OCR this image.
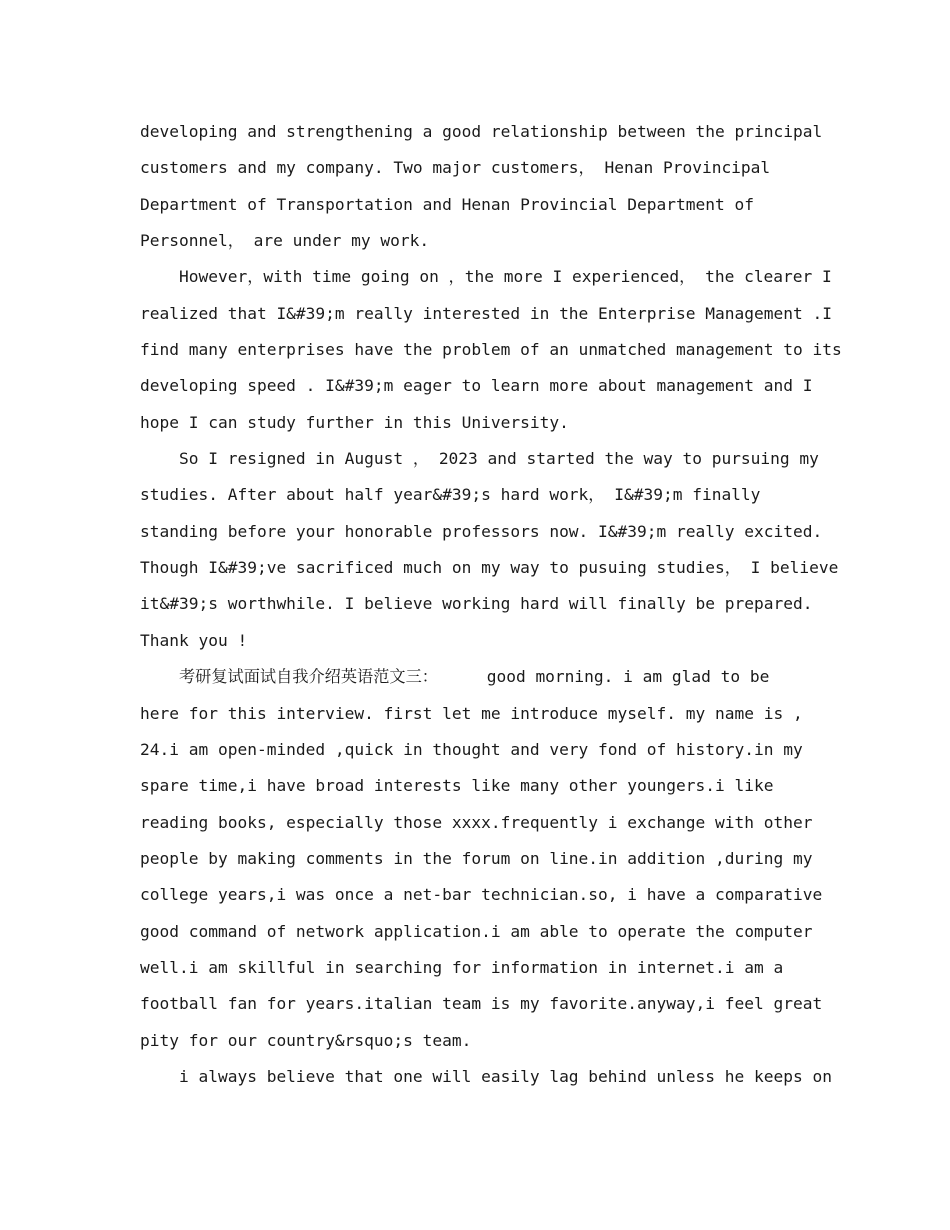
developing and strengthening a good relationship between the principal
customers and my company. Two major customers， Henan Provincipal
Department of Transportation and Henan Provincial Department of
Personnel， are under my work.
However，with time going on ，the more I experienced， the clearer I
realized that I&#39;m really interested in the Enterprise Management .I
find many enterprises have the problem of an unmatched management to its
developing speed . I&#39;m eager to learn more about management and I
hope I can study further in this University.
So I resigned in August ， 2023 and started the way to pursuing my
studies. After about half year&#39;s hard work， I&#39;m finally
standing before your honorable professors now. I&#39;m really excited.
Though I&#39;ve sacrificed much on my way to pusuing studies， I believe
it&#39;s worthwhile. I believe working hard will finally be prepared.
Thank you !
考研复试面试自我介绍英语范文三：     good morning. i am glad to be
here for this interview. first let me introduce myself. my name is ,
24.i am open-minded ,quick in thought and very fond of history.in my
spare time,i have broad interests like many other youngers.i like
reading books, especially those xxxx.frequently i exchange with other
people by making comments in the forum on line.in addition ,during my
college years,i was once a net-bar technician.so, i have a comparative
good command of network application.i am able to operate the computer
well.i am skillful in searching for information in internet.i am a
football fan for years.italian team is my favorite.anyway,i feel great
pity for our country&rsquo;s team.
i always believe that one will easily lag behind unless he keeps on
